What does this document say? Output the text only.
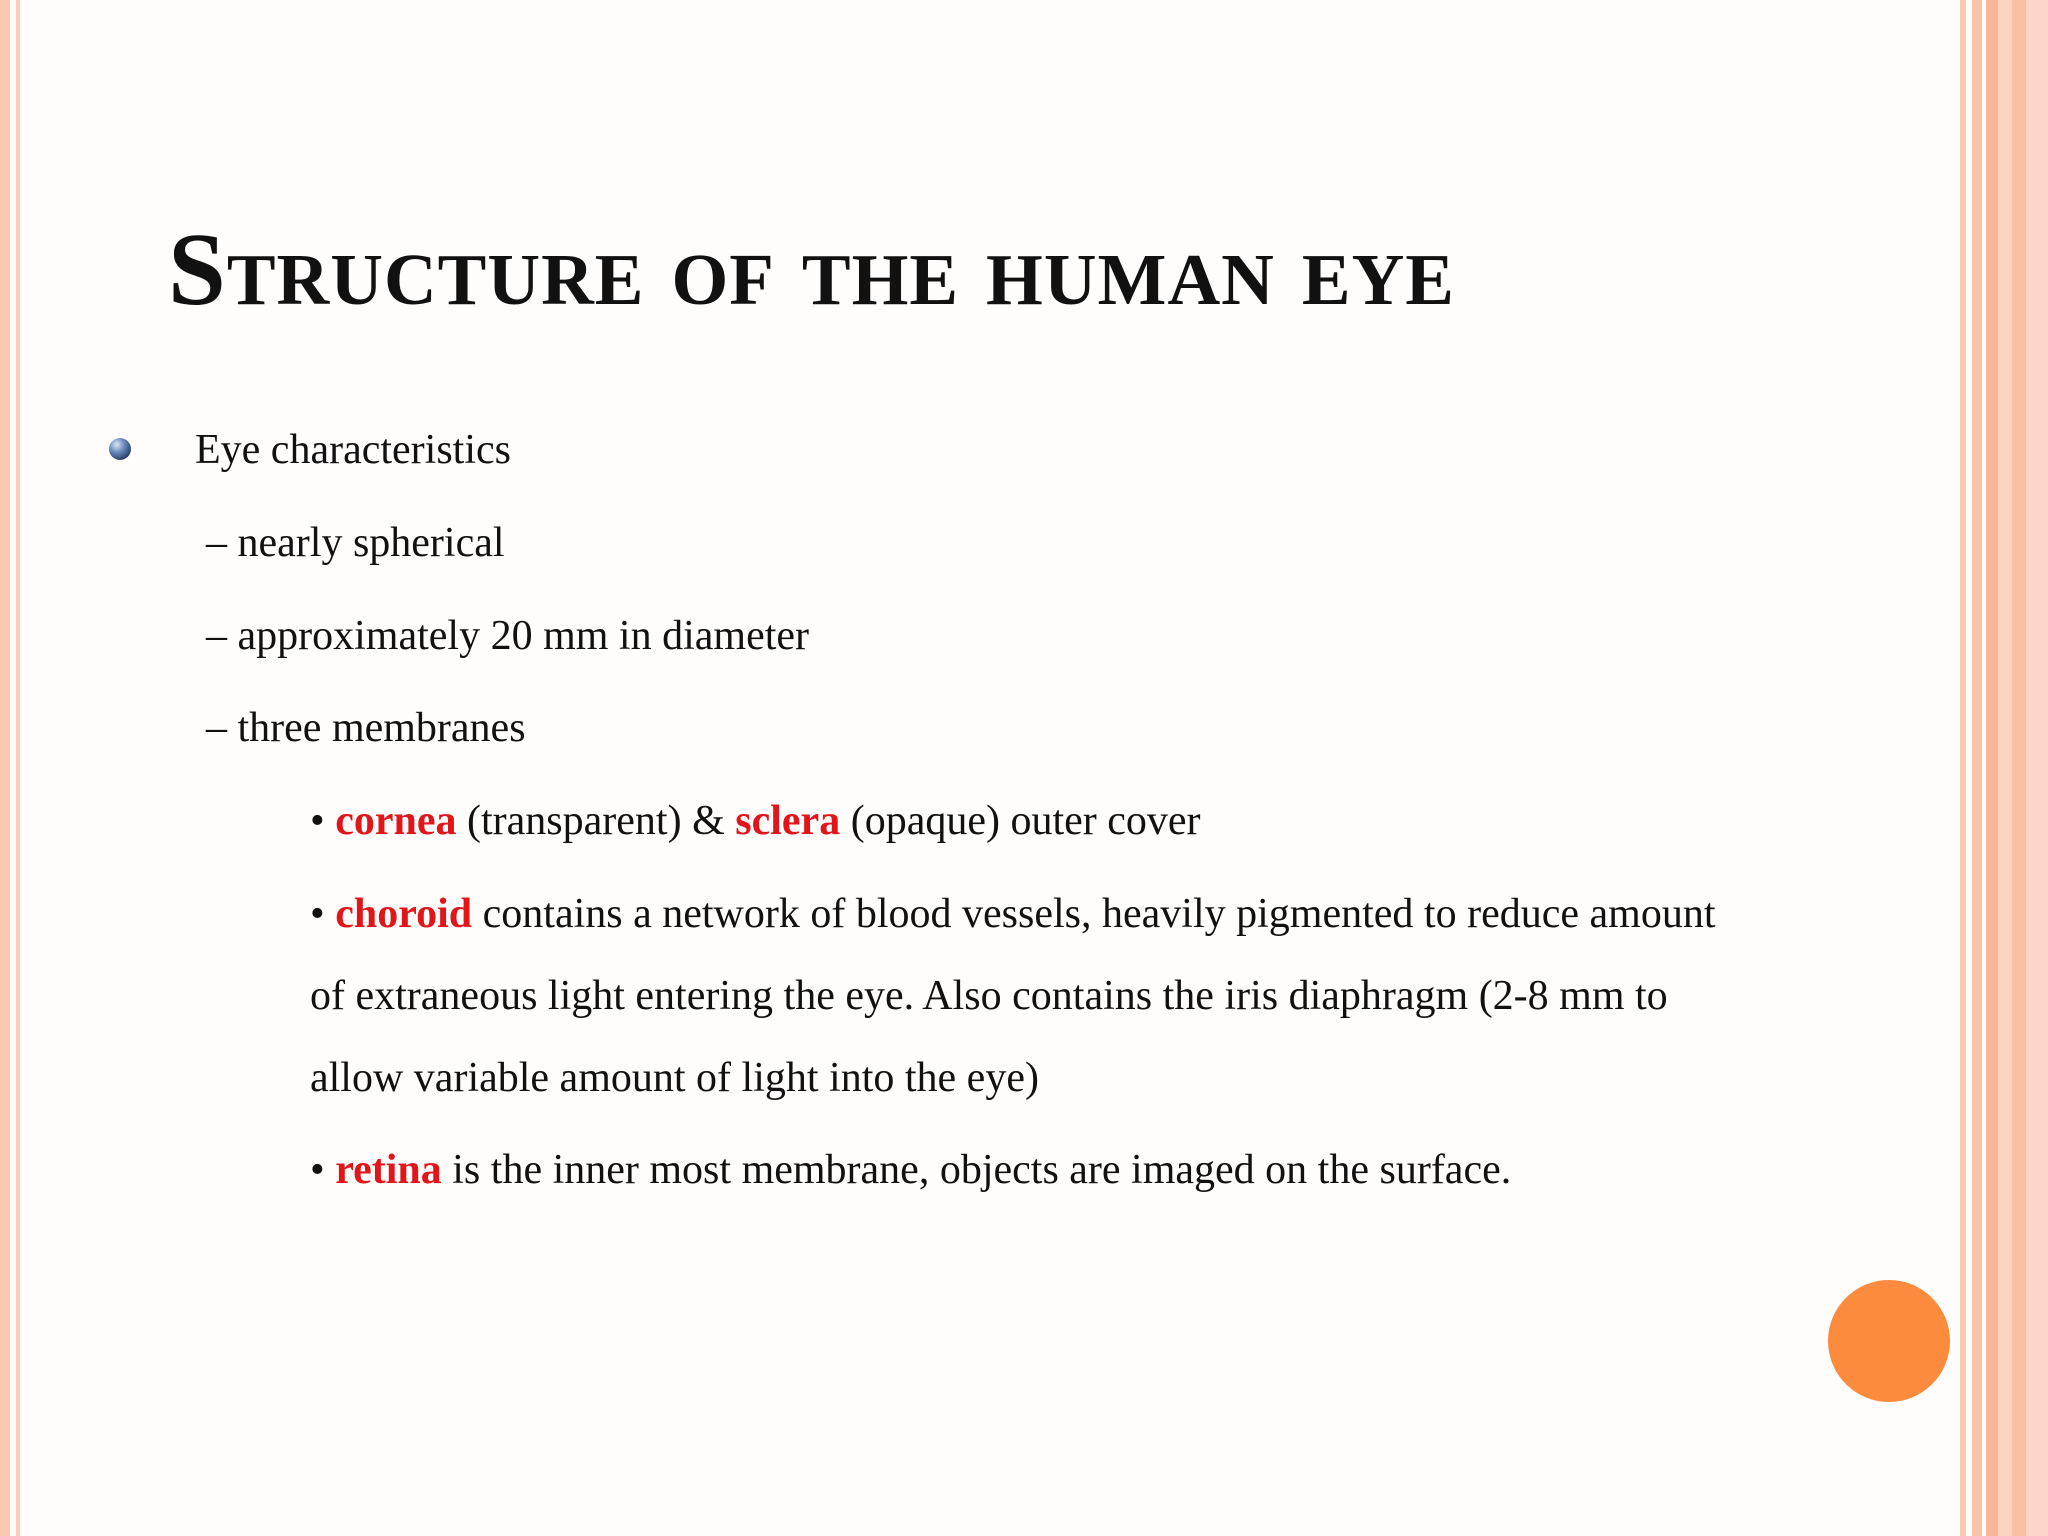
Structure of the human eye

Eye characteristics

– nearly spherical

– approximately 20 mm in diameter

– three membranes

• cornea (transparent) & sclera (opaque) outer cover

• choroid contains a network of blood vessels, heavily pigmented to reduce amount

of extraneous light entering the eye. Also contains the iris diaphragm (2-8 mm to

allow variable amount of light into the eye)

• retina is the inner most membrane, objects are imaged on the surface.
